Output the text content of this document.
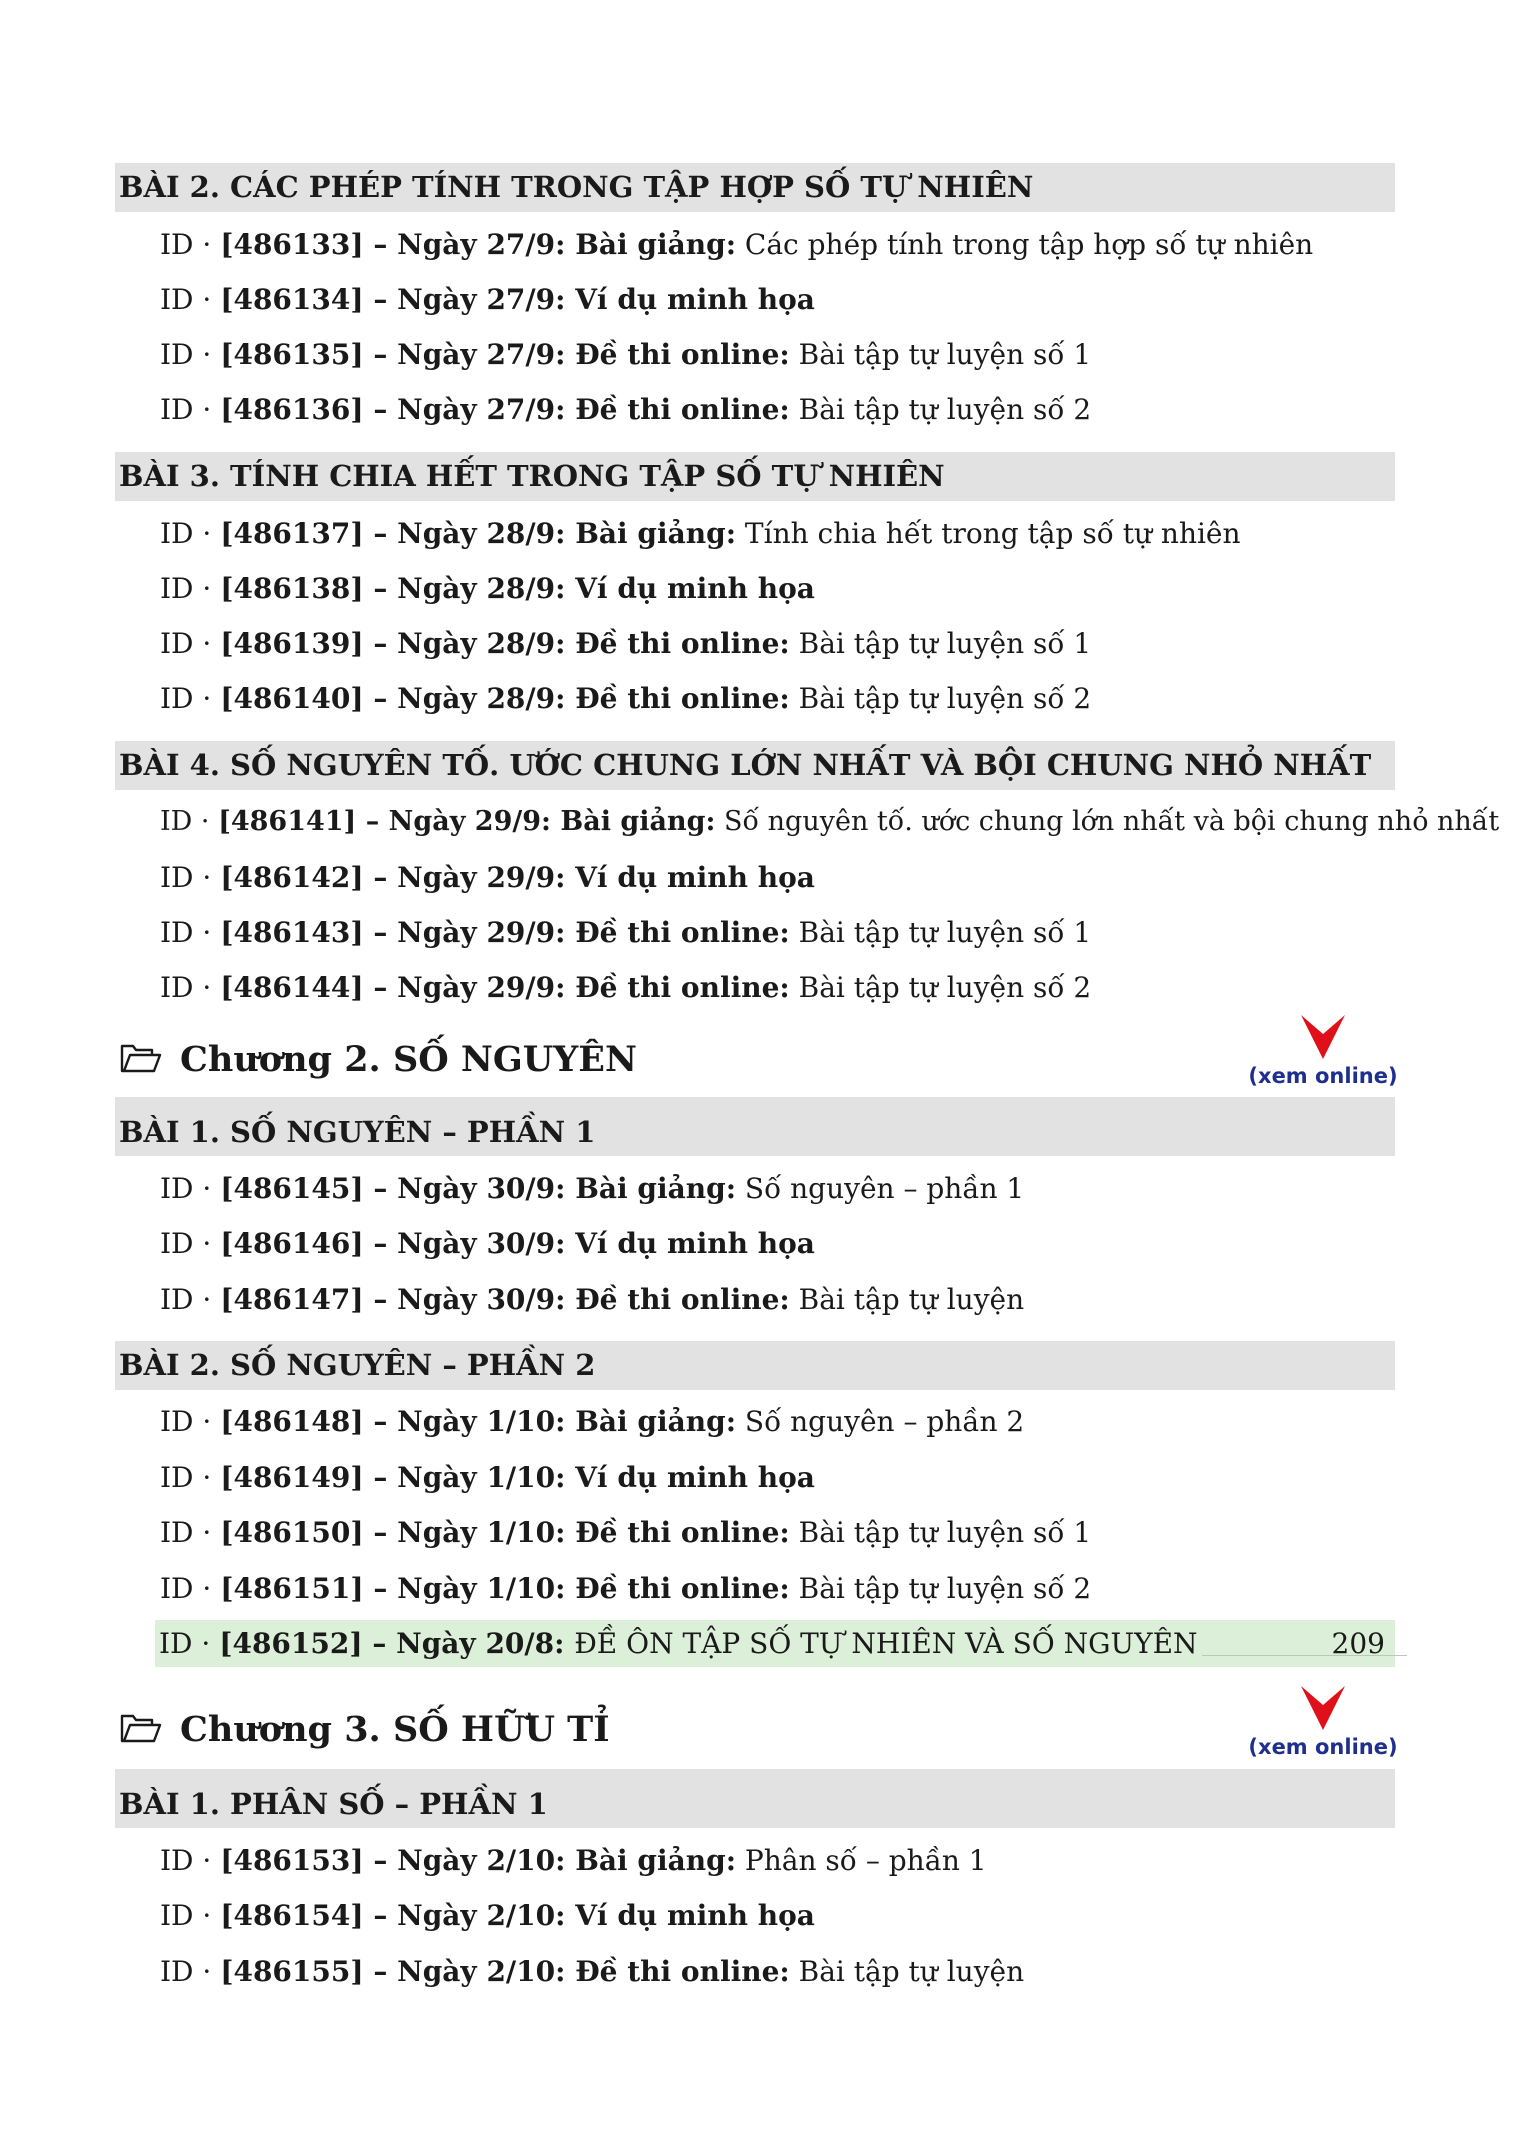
BÀI 2. CÁC PHÉP TÍNH TRONG TẬP HỢP SỐ TỰ NHIÊN
ID · [486133] – Ngày 27/9: Bài giảng: Các phép tính trong tập hợp số tự nhiên
ID · [486134] – Ngày 27/9: Ví dụ minh họa
ID · [486135] – Ngày 27/9: Đề thi online: Bài tập tự luyện số 1
ID · [486136] – Ngày 27/9: Đề thi online: Bài tập tự luyện số 2
BÀI 3. TÍNH CHIA HẾT TRONG TẬP SỐ TỰ NHIÊN
ID · [486137] – Ngày 28/9: Bài giảng: Tính chia hết trong tập số tự nhiên
ID · [486138] – Ngày 28/9: Ví dụ minh họa
ID · [486139] – Ngày 28/9: Đề thi online: Bài tập tự luyện số 1
ID · [486140] – Ngày 28/9: Đề thi online: Bài tập tự luyện số 2
BÀI 4. SỐ NGUYÊN TỐ. ƯỚC CHUNG LỚN NHẤT VÀ BỘI CHUNG NHỎ NHẤT
ID · [486141] – Ngày 29/9: Bài giảng: Số nguyên tố. ước chung lớn nhất và bội chung nhỏ nhất
ID · [486142] – Ngày 29/9: Ví dụ minh họa
ID · [486143] – Ngày 29/9: Đề thi online: Bài tập tự luyện số 1
ID · [486144] – Ngày 29/9: Đề thi online: Bài tập tự luyện số 2
Chương 2. SỐ NGUYÊN	(xem online)
BÀI 1. SỐ NGUYÊN – PHẦN 1
ID · [486145] – Ngày 30/9: Bài giảng: Số nguyên – phần 1
ID · [486146] – Ngày 30/9: Ví dụ minh họa
ID · [486147] – Ngày 30/9: Đề thi online: Bài tập tự luyện
BÀI 2. SỐ NGUYÊN – PHẦN 2
ID · [486148] – Ngày 1/10: Bài giảng: Số nguyên – phần 2
ID · [486149] – Ngày 1/10: Ví dụ minh họa
ID · [486150] – Ngày 1/10: Đề thi online: Bài tập tự luyện số 1
ID · [486151] – Ngày 1/10: Đề thi online: Bài tập tự luyện số 2
ID · [486152] – Ngày 20/8: ĐỀ ÔN TẬP SỐ TỰ NHIÊN VÀ SỐ NGUYÊN	209
Chương 3. SỐ HỮU TỈ	(xem online)
BÀI 1. PHÂN SỐ – PHẦN 1
ID · [486153] – Ngày 2/10: Bài giảng: Phân số – phần 1
ID · [486154] – Ngày 2/10: Ví dụ minh họa
ID · [486155] – Ngày 2/10: Đề thi online: Bài tập tự luyện
